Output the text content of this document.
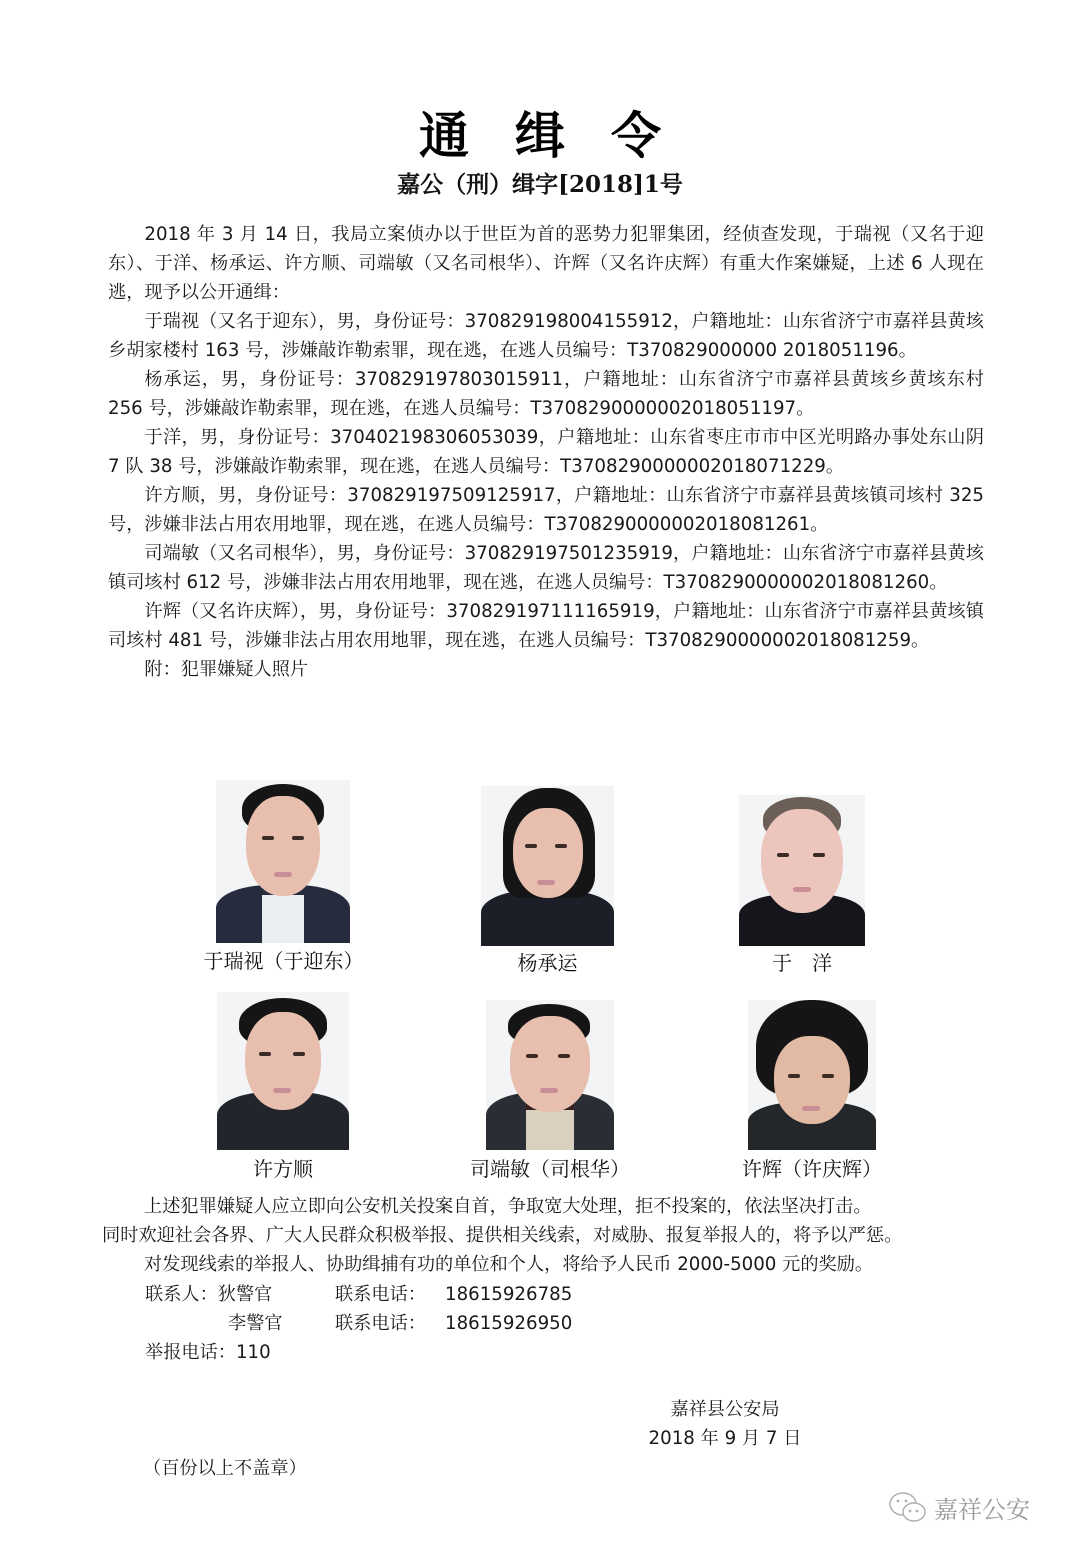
通缉令
嘉公（刑）缉字[2018]1号

2018 年 3 月 14 日，我局立案侦办以于世臣为首的恶势力犯罪集团，经侦查发现，于瑞视（又名于迎东）、于洋、杨承运、许方顺、司端敏（又名司根华）、许辉（又名许庆辉）有重大作案嫌疑，上述 6 人现在逃，现予以公开通缉：

于瑞视（又名于迎东），男，身份证号：370829198004155912，户籍地址：山东省济宁市嘉祥县黄垓乡胡家楼村 163 号，涉嫌敲诈勒索罪，现在逃，在逃人员编号：T370829000000 2018051196。

杨承运，男，身份证号：370829197803015911，户籍地址：山东省济宁市嘉祥县黄垓乡黄垓东村 256 号，涉嫌敲诈勒索罪，现在逃，在逃人员编号：T3708290000002018051197。

于洋，男，身份证号：370402198306053039，户籍地址：山东省枣庄市市中区光明路办事处东山阴 7 队 38 号，涉嫌敲诈勒索罪，现在逃，在逃人员编号：T3708290000002018071229。

许方顺，男，身份证号：370829197509125917，户籍地址：山东省济宁市嘉祥县黄垓镇司垓村 325 号，涉嫌非法占用农用地罪，现在逃，在逃人员编号：T3708290000002018081261。

司端敏（又名司根华），男，身份证号：370829197501235919，户籍地址：山东省济宁市嘉祥县黄垓镇司垓村 612 号，涉嫌非法占用农用地罪，现在逃，在逃人员编号：T3708290000002018081260。

许辉（又名许庆辉），男，身份证号：370829197111165919，户籍地址：山东省济宁市嘉祥县黄垓镇司垓村 481 号，涉嫌非法占用农用地罪，现在逃，在逃人员编号：T3708290000002018081259。

附：犯罪嫌疑人照片

于瑞视（于迎东）	杨承运	于　洋
许方顺	司端敏（司根华）	许辉（许庆辉）
上述犯罪嫌疑人应立即向公安机关投案自首，争取宽大处理，拒不投案的，依法坚决打击。
同时欢迎社会各界、广大人民群众积极举报、提供相关线索，对威胁、报复举报人的，将予以严惩。
对发现线索的举报人、协助缉捕有功的单位和个人，将给予人民币 2000-5000 元的奖励。
联系人：狄警官	联系电话：	18615926785
李警官	联系电话：	18615926950
举报电话： 110
嘉祥县公安局
2018 年 9 月 7 日
（百份以上不盖章）
嘉祥公安
